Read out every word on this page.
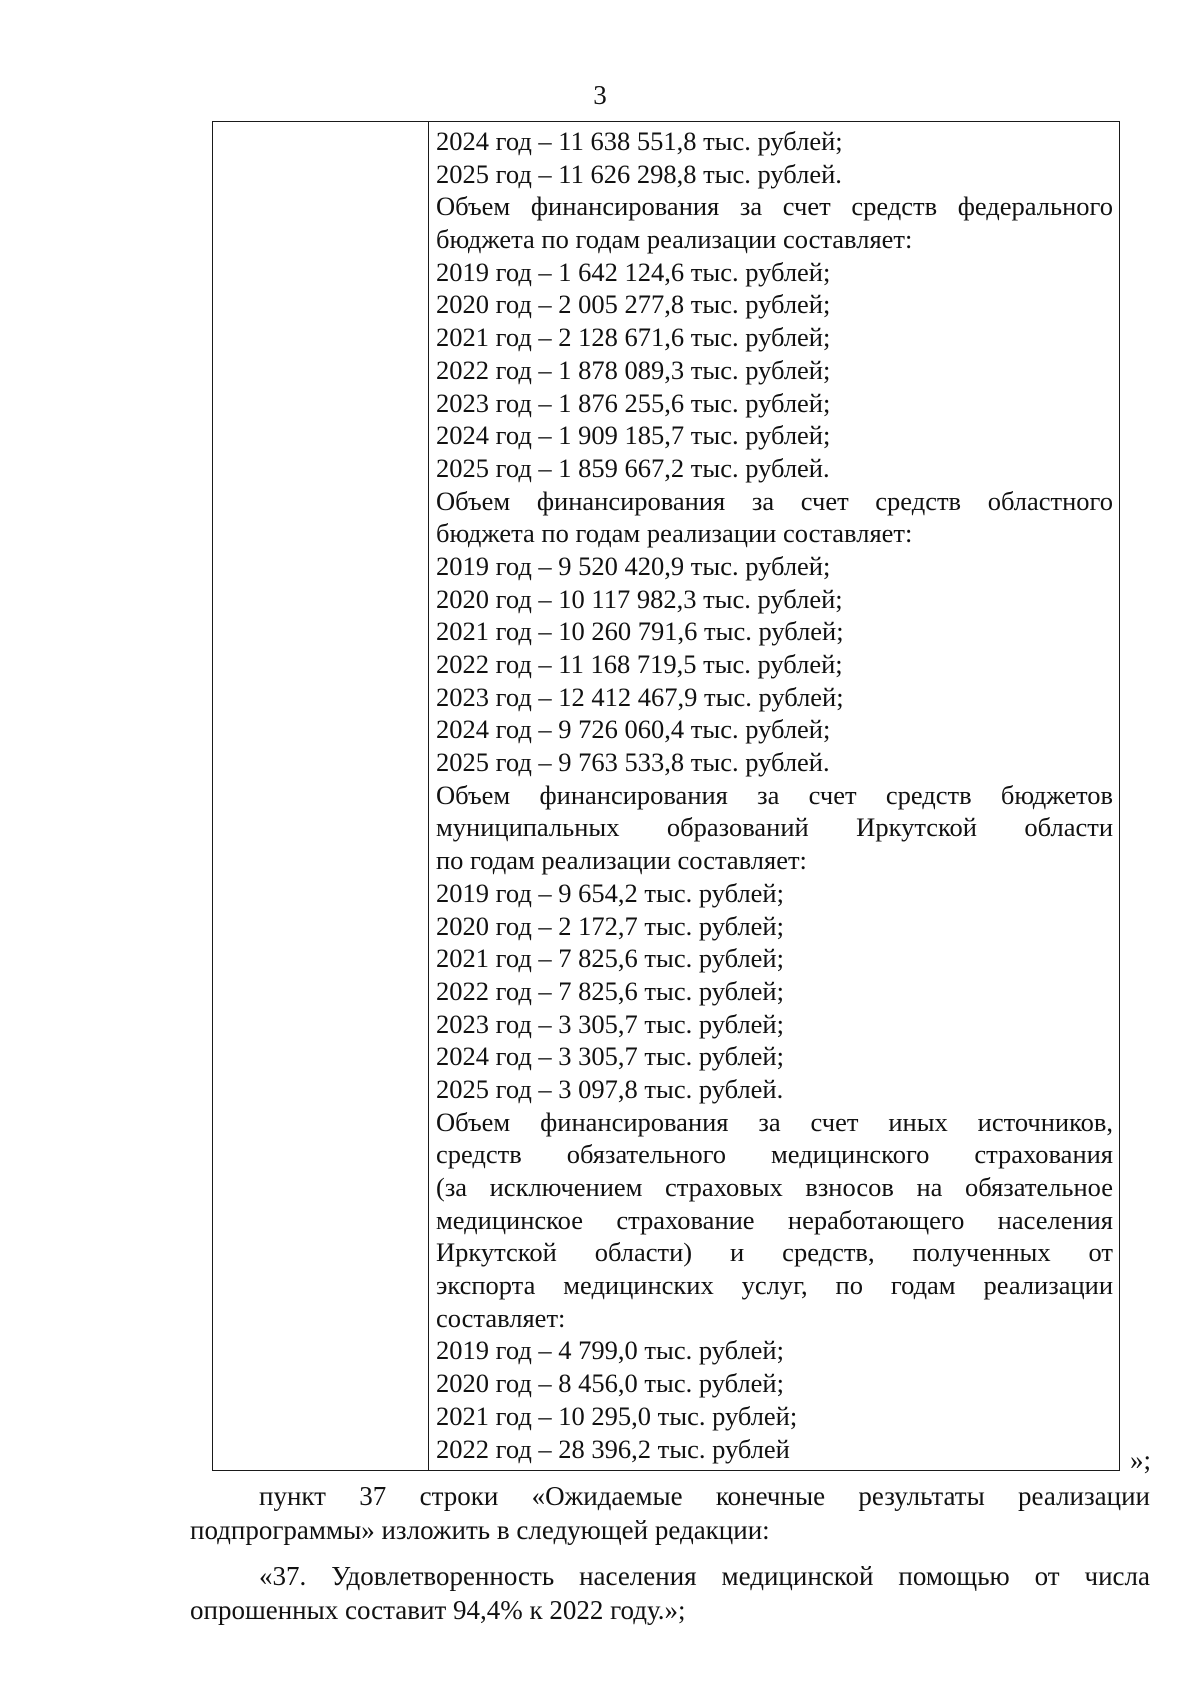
3
2024 год – 11 638 551,8 тыс. рублей;
2025 год – 11 626 298,8 тыс. рублей.
Объем финансирования за счет средств федерального
бюджета по годам реализации составляет:
2019 год – 1 642 124,6 тыс. рублей;
2020 год – 2 005 277,8 тыс. рублей;
2021 год – 2 128 671,6 тыс. рублей;
2022 год – 1 878 089,3 тыс. рублей;
2023 год – 1 876 255,6 тыс. рублей;
2024 год – 1 909 185,7 тыс. рублей;
2025 год – 1 859 667,2 тыс. рублей.
Объем финансирования за счет средств областного
бюджета по годам реализации составляет:
2019 год – 9 520 420,9 тыс. рублей;
2020 год – 10 117 982,3 тыс. рублей;
2021 год – 10 260 791,6 тыс. рублей;
2022 год – 11 168 719,5 тыс. рублей;
2023 год – 12 412 467,9 тыс. рублей;
2024 год – 9 726 060,4 тыс. рублей;
2025 год – 9 763 533,8 тыс. рублей.
Объем финансирования за счет средств бюджетов
муниципальных образований Иркутской области
по годам реализации составляет:
2019 год – 9 654,2 тыс. рублей;
2020 год – 2 172,7 тыс. рублей;
2021 год – 7 825,6 тыс. рублей;
2022 год – 7 825,6 тыс. рублей;
2023 год – 3 305,7 тыс. рублей;
2024 год – 3 305,7 тыс. рублей;
2025 год – 3 097,8 тыс. рублей.
Объем финансирования за счет иных источников,
средств обязательного медицинского страхования
(за исключением страховых взносов на обязательное
медицинское страхование неработающего населения
Иркутской области) и средств, полученных от
экспорта медицинских услуг, по годам реализации
составляет:
2019 год – 4 799,0 тыс. рублей;
2020 год – 8 456,0 тыс. рублей;
2021 год – 10 295,0 тыс. рублей;
2022 год – 28 396,2 тыс. рублей	»;
пункт 37 строки «Ожидаемые конечные результаты реализации
подпрограммы» изложить в следующей редакции:
«37. Удовлетворенность населения медицинской помощью от числа
опрошенных составит 94,4% к 2022 году.»;
